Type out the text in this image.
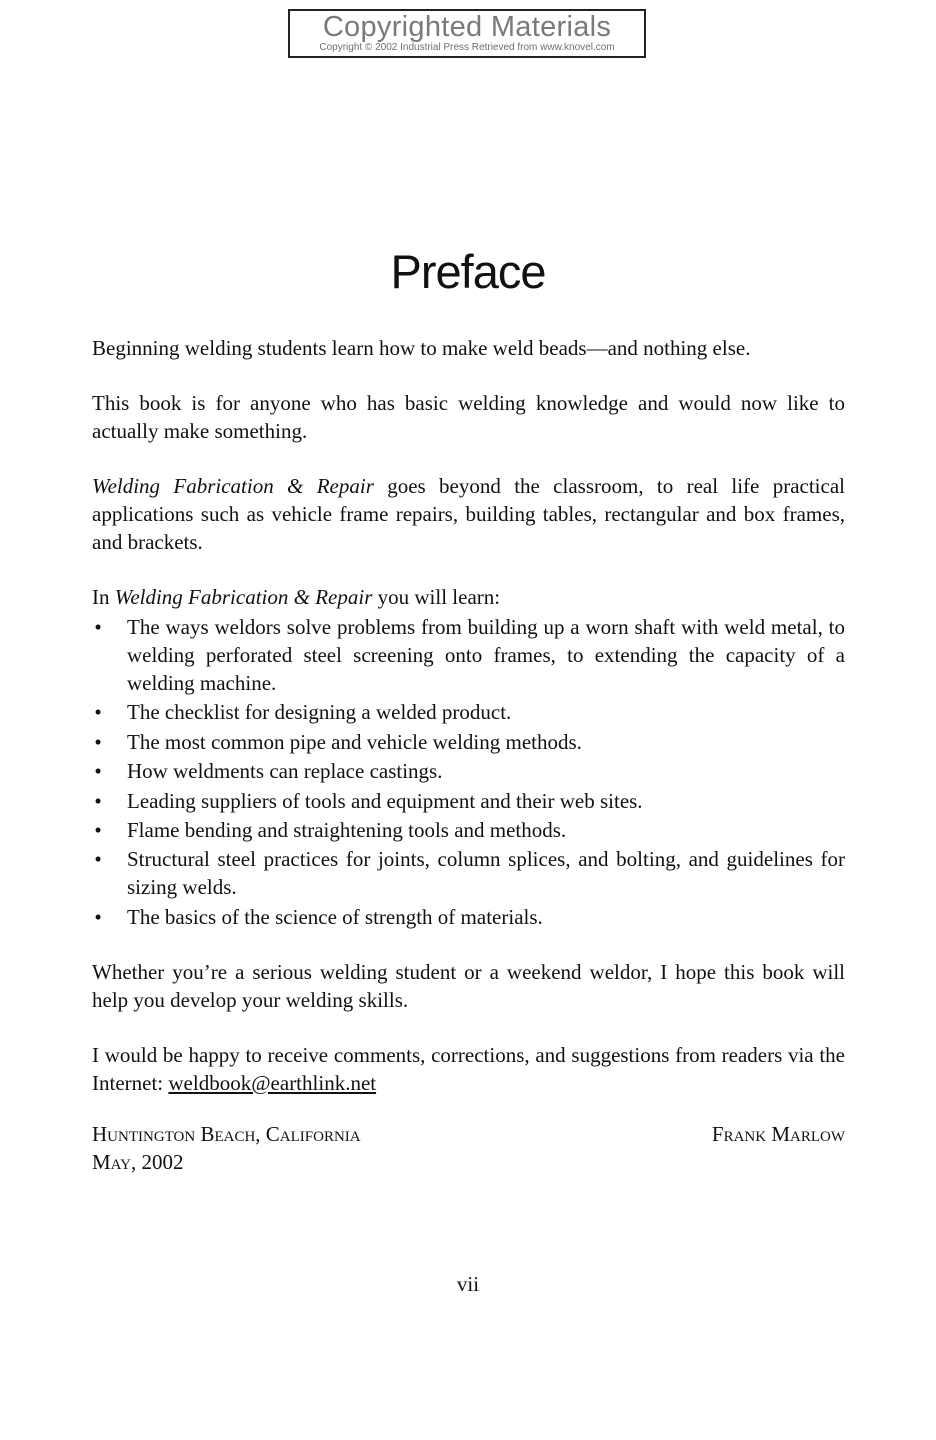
Copyrighted Materials
Copyright © 2002 Industrial Press Retrieved from www.knovel.com
Preface

Beginning welding students learn how to make weld beads—and nothing else.

This book is for anyone who has basic welding knowledge and would now like to actually make something.

Welding Fabrication & Repair goes beyond the classroom, to real life practical applications such as vehicle frame repairs, building tables, rectangular and box frames, and brackets.

In Welding Fabrication & Repair you will learn:

• The ways weldors solve problems from building up a worn shaft with weld metal, to welding perforated steel screening onto frames, to extending the capacity of a welding machine.
• The checklist for designing a welded product.
• The most common pipe and vehicle welding methods.
• How weldments can replace castings.
• Leading suppliers of tools and equipment and their web sites.
• Flame bending and straightening tools and methods.
• Structural steel practices for joints, column splices, and bolting, and guidelines for sizing welds.
• The basics of the science of strength of materials.

Whether you’re a serious welding student or a weekend weldor, I hope this book will help you develop your welding skills.

I would be happy to receive comments, corrections, and suggestions from readers via the Internet: weldbook@earthlink.net

Huntington Beach, California	Frank Marlow
May, 2002
vii
